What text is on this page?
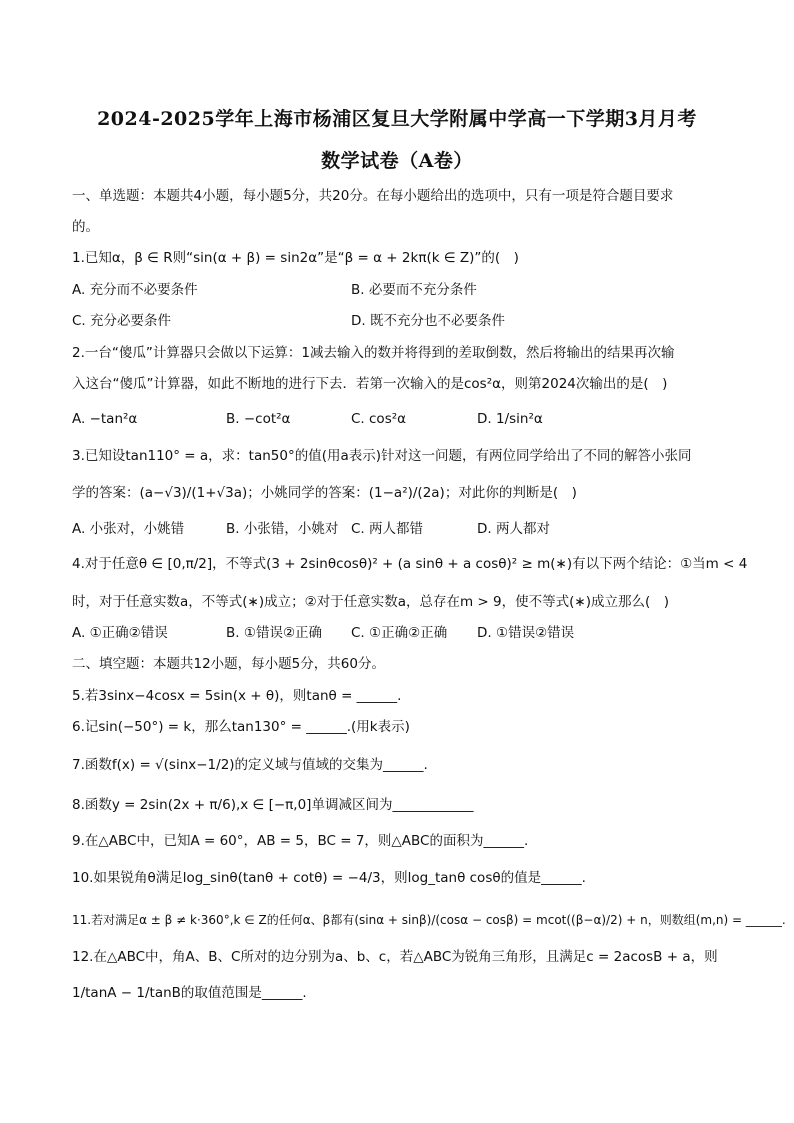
2024-2025学年上海市杨浦区复旦大学附属中学高一下学期3月月考
数学试卷（A卷）
一、单选题：本题共4小题，每小题5分，共20分。在每小题给出的选项中，只有一项是符合题目要求
的。
1.已知α，β ∈ R则“sin(α + β) = sin2α”是“β = α + 2kπ(k ∈ Z)”的(　)
A. 充分而不必要条件	B. 必要而不充分条件
C. 充分必要条件	D. 既不充分也不必要条件
2.一台“傻瓜”计算器只会做以下运算：1减去输入的数并将得到的差取倒数，然后将输出的结果再次输
入这台“傻瓜”计算器，如此不断地的进行下去．若第一次输入的是cos²α，则第2024次输出的是(　)
A. −tan²α	B. −cot²α	C. cos²α	D. 1/sin²α
3.已知设tan110° = a，求：tan50°的值(用a表示)针对这一问题，有两位同学给出了不同的解答小张同
学的答案：(a−√3)/(1+√3a)；小姚同学的答案：(1−a²)/(2a)；对此你的判断是(　)
A. 小张对，小姚错	B. 小张错，小姚对 C. 两人都错	D. 两人都对
4.对于任意θ ∈ [0,π/2]，不等式(3 + 2sinθcosθ)² + (a sinθ + a cosθ)² ≥ m(∗)有以下两个结论：①当m < 4
时，对于任意实数a，不等式(∗)成立；②对于任意实数a，总存在m > 9，使不等式(∗)成立那么(　)
A. ①正确②错误	B. ①错误②正确 C. ①正确②正确 D. ①错误②错误
二、填空题：本题共12小题，每小题5分，共60分。
5.若3sinx−4cosx = 5sin(x + θ)，则tanθ = ______.
6.记sin(−50°) = k，那么tan130° = ______.(用k表示)
7.函数f(x) = √(sinx−1/2)的定义域与值域的交集为______.
8.函数y = 2sin(2x + π/6),x ∈ [−π,0]单调减区间为____________
9.在△ABC中，已知A = 60°，AB = 5，BC = 7，则△ABC的面积为______.
10.如果锐角θ满足log_sinθ(tanθ + cotθ) = −4/3，则log_tanθ cosθ的值是______.
11.若对满足α ± β ≠ k·360°,k ∈ Z的任何α、β都有(sinα + sinβ)/(cosα − cosβ) = mcot((β−α)/2) + n，则数组(m,n) = ______.
12.在△ABC中，角A、B、C所对的边分别为a、b、c，若△ABC为锐角三角形，且满足c = 2acosB + a，则
1/tanA − 1/tanB的取值范围是______.
